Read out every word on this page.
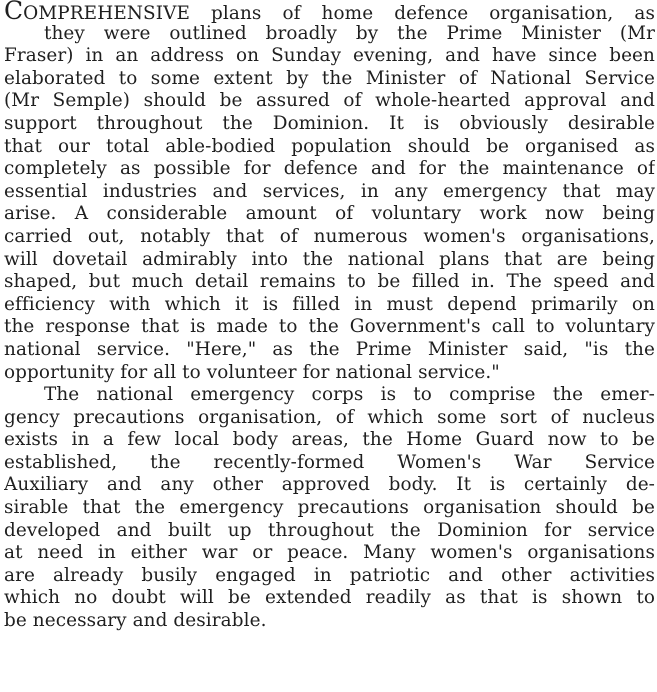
COMPREHENSIVE plans of home defence organisation, as
they were outlined broadly by the Prime Minister (Mr
Fraser) in an address on Sunday evening, and have since been
elaborated to some extent by the Minister of National Service
(Mr Semple) should be assured of whole-hearted approval and
support throughout the Dominion. It is obviously desirable
that our total able-bodied population should be organised as
completely as possible for defence and for the maintenance of
essential industries and services, in any emergency that may
arise. A considerable amount of voluntary work now being
carried out, notably that of numerous women's organisations,
will dovetail admirably into the national plans that are being
shaped, but much detail remains to be filled in. The speed and
efficiency with which it is filled in must depend primarily on
the response that is made to the Government's call to voluntary
national service. "Here," as the Prime Minister said, "is the
opportunity for all to volunteer for national service."
The national emergency corps is to comprise the emer-
gency precautions organisation, of which some sort of nucleus
exists in a few local body areas, the Home Guard now to be
established, the recently-formed Women's War Service
Auxiliary and any other approved body. It is certainly de-
sirable that the emergency precautions organisation should be
developed and built up throughout the Dominion for service
at need in either war or peace. Many women's organisations
are already busily engaged in patriotic and other activities
which no doubt will be extended readily as that is shown to
be necessary and desirable.
